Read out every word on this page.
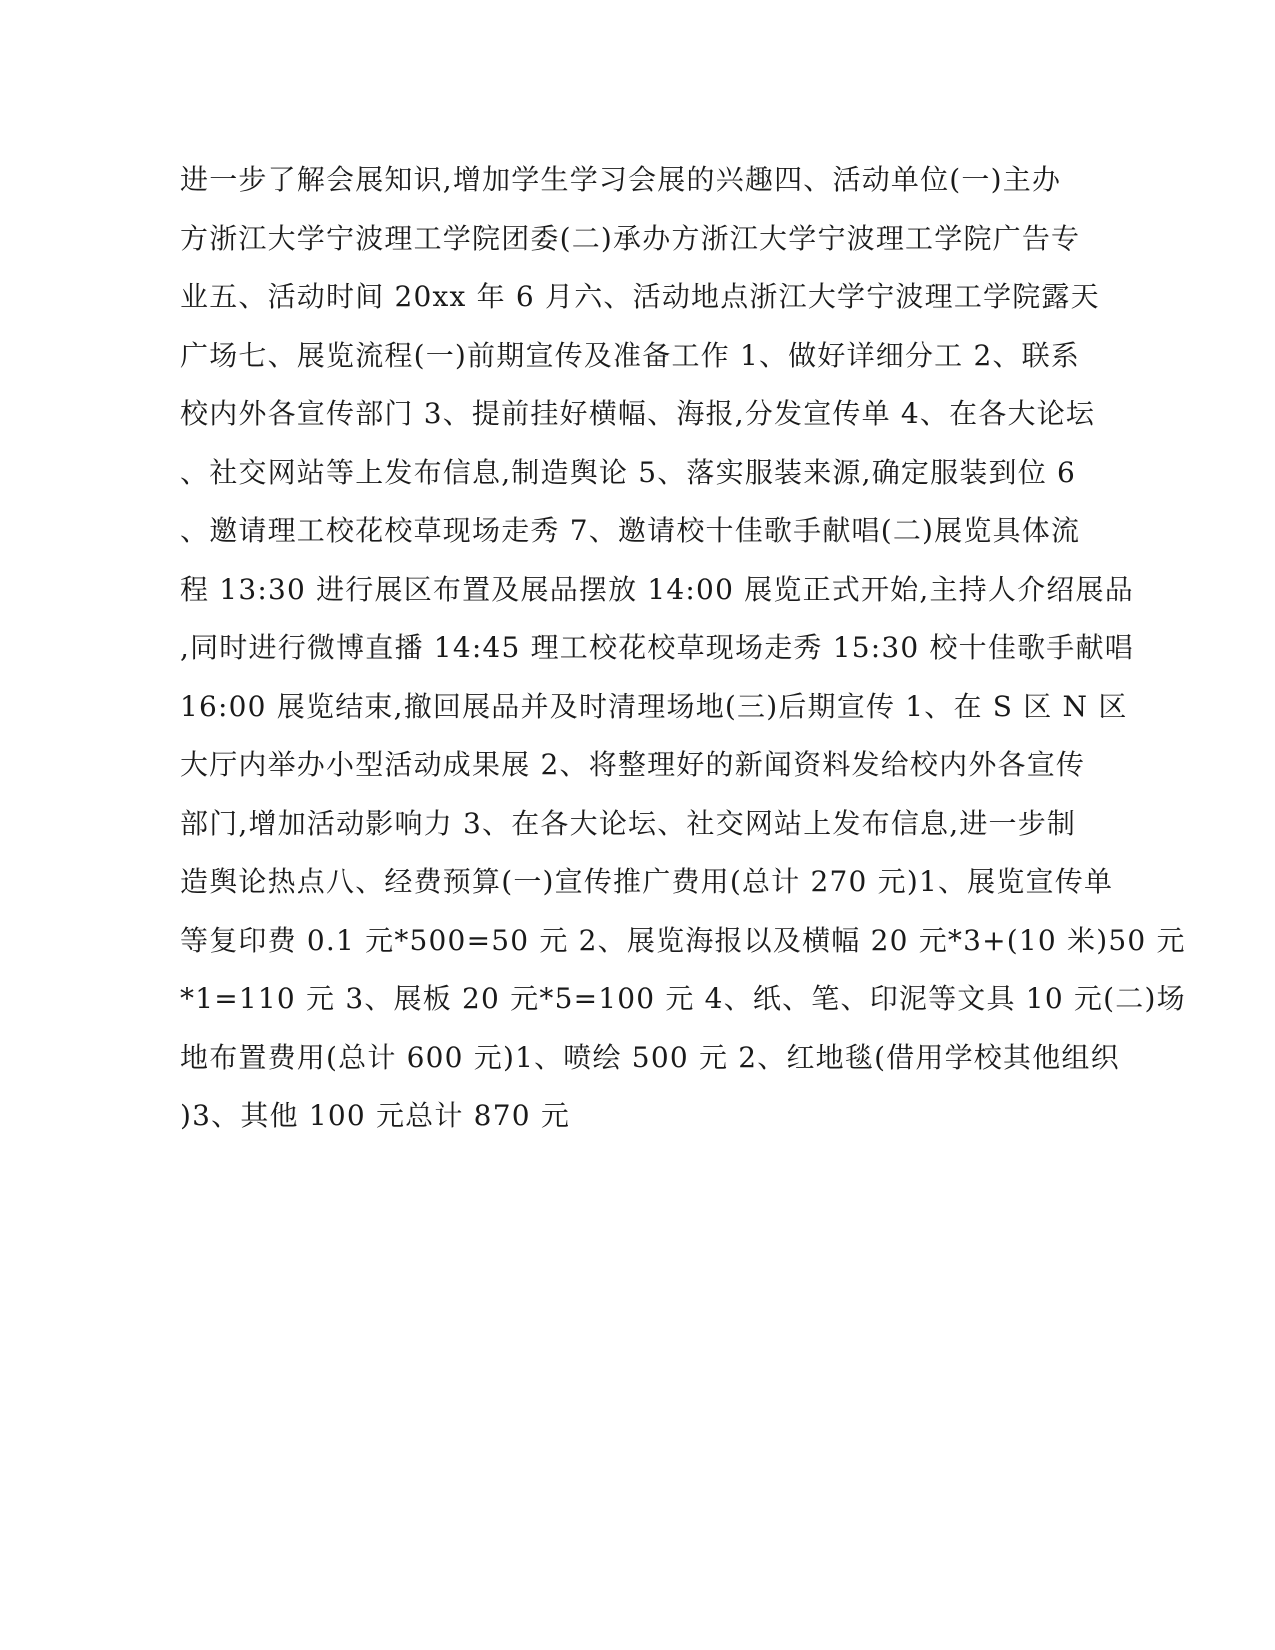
进一步了解会展知识,增加学生学习会展的兴趣四、活动单位(一)主办
方浙江大学宁波理工学院团委(二)承办方浙江大学宁波理工学院广告专
业五、活动时间 20xx 年 6 月六、活动地点浙江大学宁波理工学院露天
广场七、展览流程(一)前期宣传及准备工作 1、做好详细分工 2、联系
校内外各宣传部门 3、提前挂好横幅、海报,分发宣传单 4、在各大论坛
、社交网站等上发布信息,制造舆论 5、落实服装来源,确定服装到位 6
、邀请理工校花校草现场走秀 7、邀请校十佳歌手献唱(二)展览具体流
程 13:30 进行展区布置及展品摆放 14:00 展览正式开始,主持人介绍展品
,同时进行微博直播 14:45 理工校花校草现场走秀 15:30 校十佳歌手献唱
16:00 展览结束,撤回展品并及时清理场地(三)后期宣传 1、在 S 区 N 区
大厅内举办小型活动成果展 2、将整理好的新闻资料发给校内外各宣传
部门,增加活动影响力 3、在各大论坛、社交网站上发布信息,进一步制
造舆论热点八、经费预算(一)宣传推广费用(总计 270 元)1、展览宣传单
等复印费 0.1 元*500=50 元 2、展览海报以及横幅 20 元*3+(10 米)50 元
*1=110 元 3、展板 20 元*5=100 元 4、纸、笔、印泥等文具 10 元(二)场
地布置费用(总计 600 元)1、喷绘 500 元 2、红地毯(借用学校其他组织
)3、其他 100 元总计 870 元
